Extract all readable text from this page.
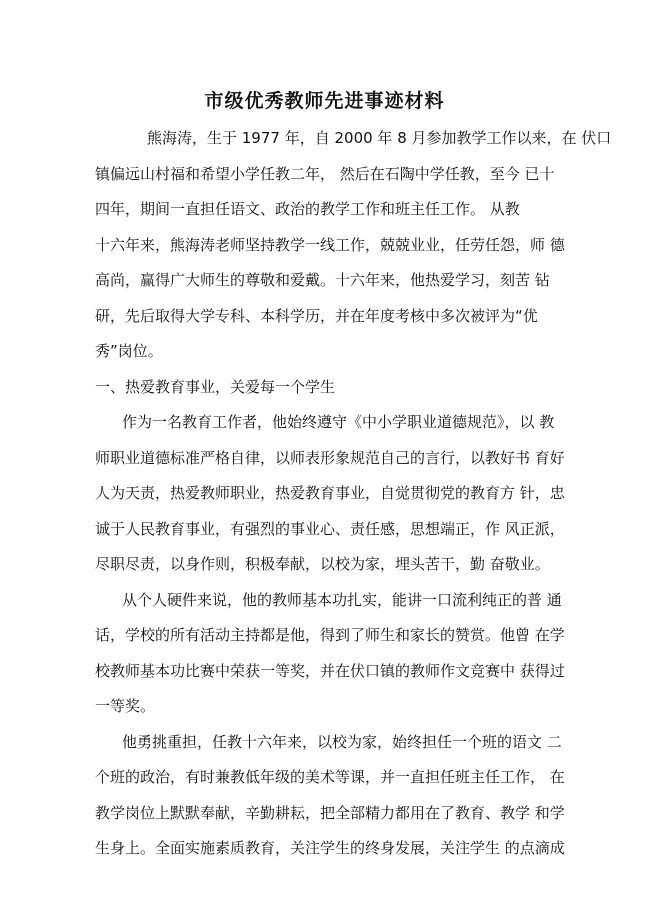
市级优秀教师先进事迹材料
熊海涛，生于 1977 年，自 2000 年 8 月参加教学工作以来，在 伏口
镇偏远山村福和希望小学任教二年， 然后在石陶中学任教，至今 已十
四年，期间一直担任语文、政治的教学工作和班主任工作。 从教
十六年来，熊海涛老师坚持教学一线工作，兢兢业业，任劳任怨，师 德
高尚，赢得广大师生的尊敬和爱戴。十六年来，他热爱学习，刻苦 钻
研，先后取得大学专科、本科学历，并在年度考核中多次被评为“优
秀”岗位。
一、热爱教育事业，关爱每一个学生
作为一名教育工作者，他始终遵守《中小学职业道德规范》，以 教
师职业道德标准严格自律，以师表形象规范自己的言行，以教好书 育好
人为天责，热爱教师职业，热爱教育事业，自觉贯彻党的教育方 针，忠
诚于人民教育事业，有强烈的事业心、责任感，思想端正，作 风正派，
尽职尽责，以身作则，积极奉献，以校为家，埋头苦干，勤 奋敬业。
从个人硬件来说，他的教师基本功扎实，能讲一口流利纯正的普 通
话，学校的所有活动主持都是他，得到了师生和家长的赞赏。他曾 在学
校教师基本功比赛中荣获一等奖，并在伏口镇的教师作文竞赛中 获得过
一等奖。
他勇挑重担，任教十六年来，以校为家，始终担任一个班的语文 二
个班的政治，有时兼教低年级的美术等课，并一直担任班主任工作， 在
教学岗位上默默奉献，辛勤耕耘，把全部精力都用在了教育、教学 和学
生身上。全面实施素质教育，关注学生的终身发展，关注学生 的点滴成
